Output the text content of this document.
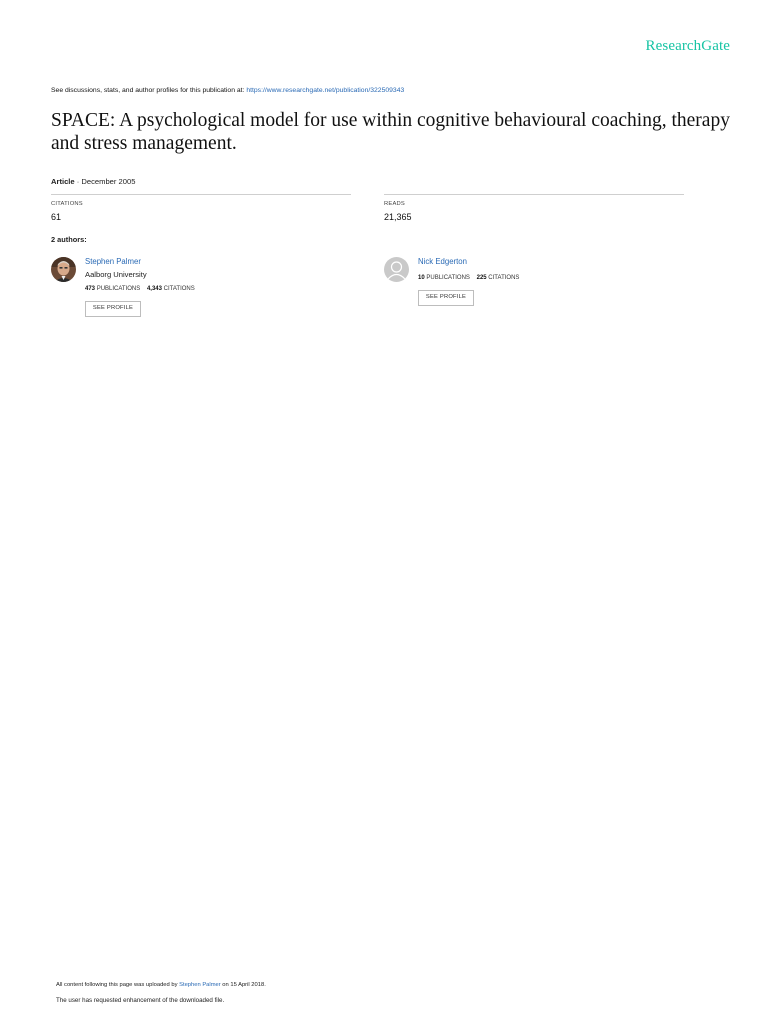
ResearchGate
See discussions, stats, and author profiles for this publication at: https://www.researchgate.net/publication/322509343
SPACE: A psychological model for use within cognitive behavioural coaching, therapy and stress management.
Article · December 2005
CITATIONS
61
READS
21,365
2 authors:
Stephen Palmer
Aalborg University
473 PUBLICATIONS 4,343 CITATIONS
SEE PROFILE
Nick Edgerton
10 PUBLICATIONS 225 CITATIONS
SEE PROFILE
All content following this page was uploaded by Stephen Palmer on 15 April 2018.
The user has requested enhancement of the downloaded file.
